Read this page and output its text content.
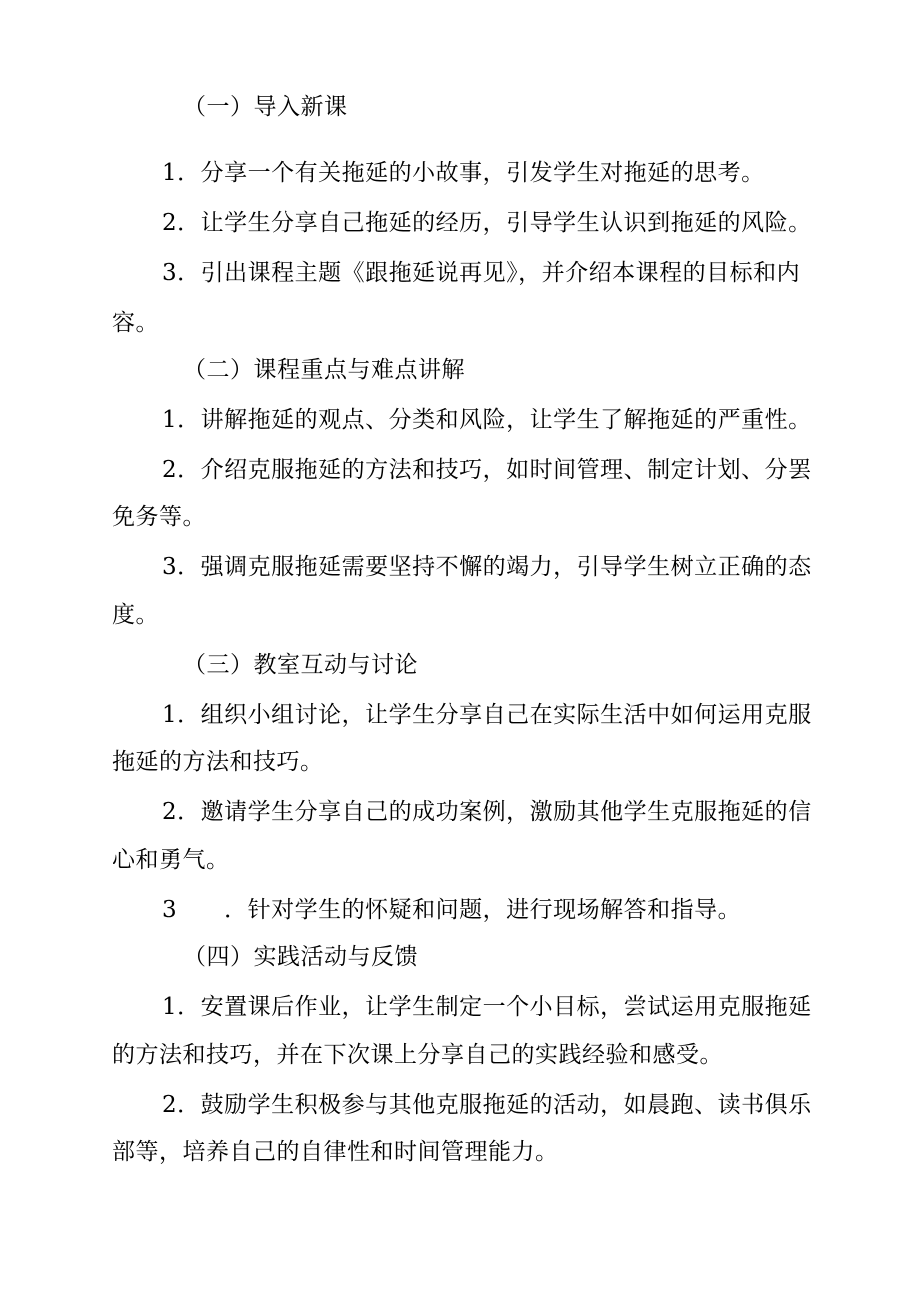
（一）导入新课
1．分享一个有关拖延的小故事，引发学生对拖延的思考。
2．让学生分享自己拖延的经历，引导学生认识到拖延的风险。
3．引出课程主题《跟拖延说再见》，并介绍本课程的目标和内
容。
（二）课程重点与难点讲解
1．讲解拖延的观点、分类和风险，让学生了解拖延的严重性。
2．介绍克服拖延的方法和技巧，如时间管理、制定计划、分罢
免务等。
3．强调克服拖延需要坚持不懈的竭力，引导学生树立正确的态
度。
（三）教室互动与讨论
1．组织小组讨论，让学生分享自己在实际生活中如何运用克服
拖延的方法和技巧。
2．邀请学生分享自己的成功案例，激励其他学生克服拖延的信
心和勇气。
3　　．针对学生的怀疑和问题，进行现场解答和指导。
（四）实践活动与反馈
1．安置课后作业，让学生制定一个小目标，尝试运用克服拖延
的方法和技巧，并在下次课上分享自己的实践经验和感受。
2．鼓励学生积极参与其他克服拖延的活动，如晨跑、读书俱乐
部等，培养自己的自律性和时间管理能力。
